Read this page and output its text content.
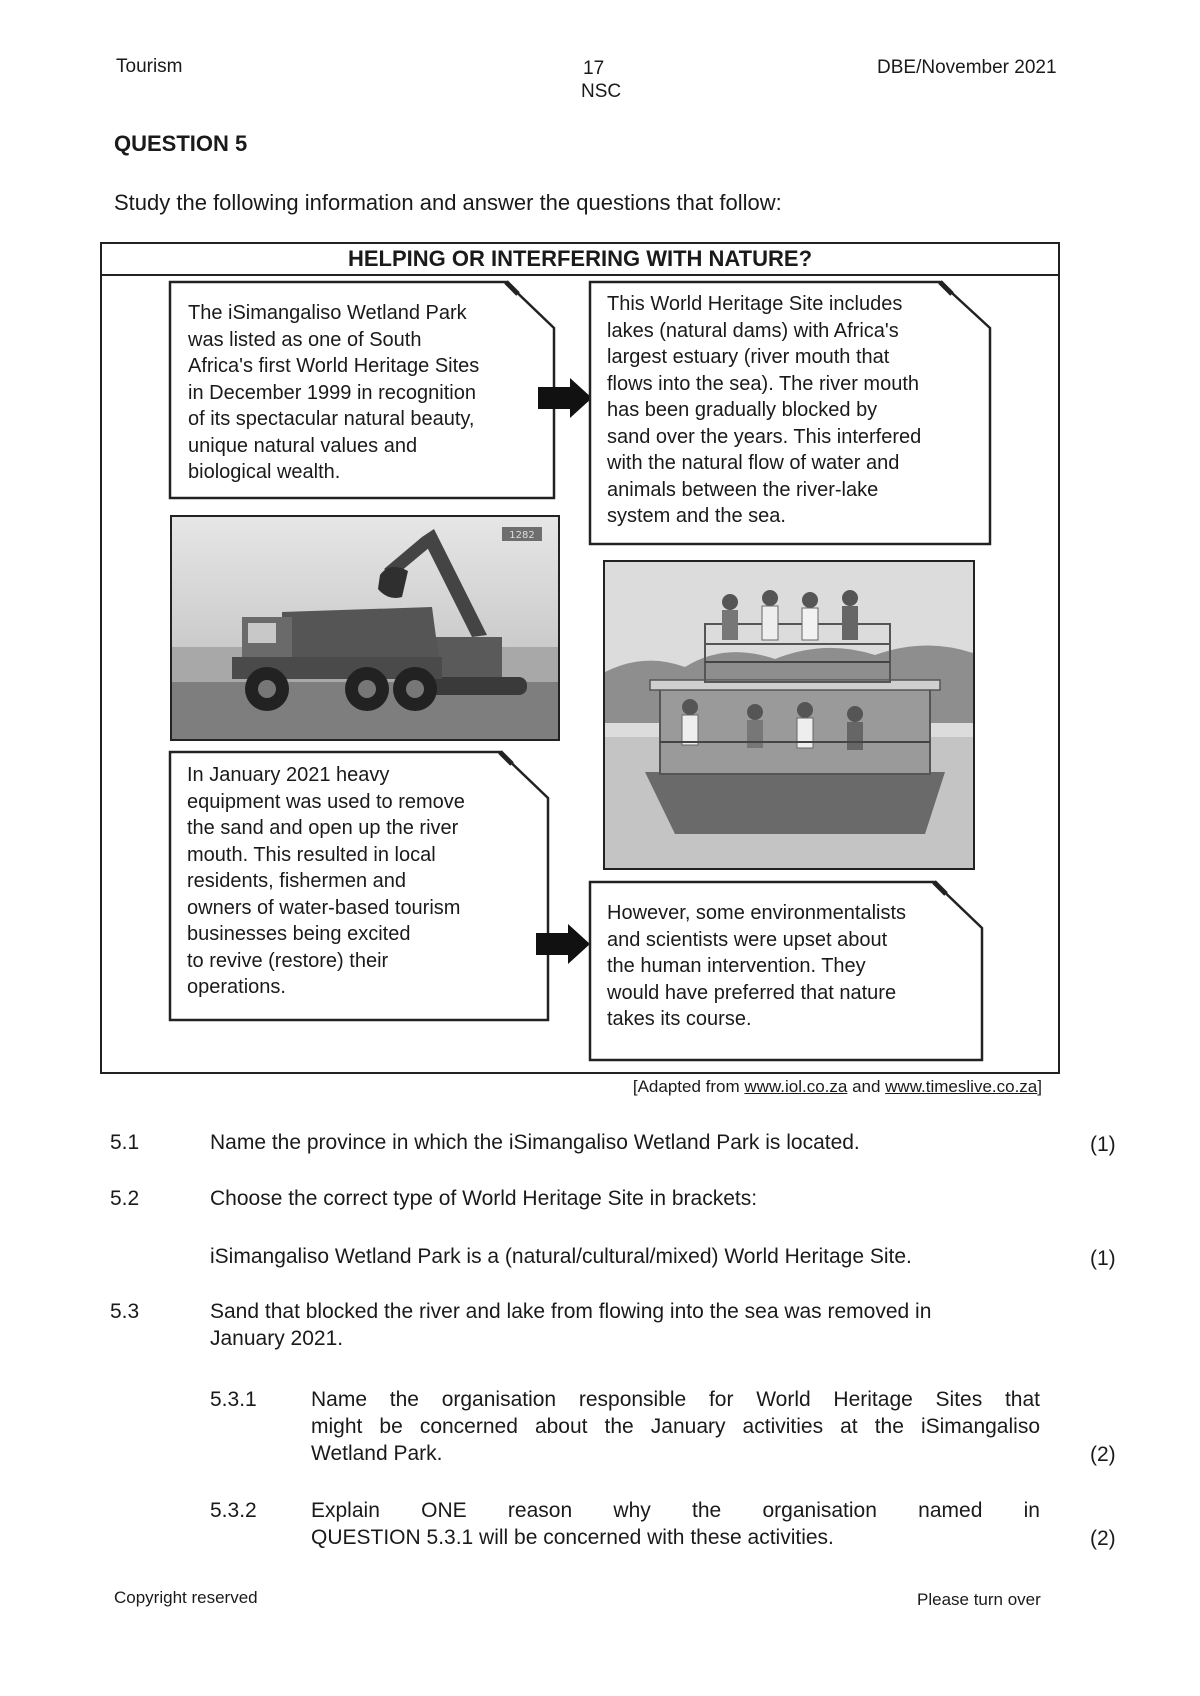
Tourism	17
NSC
DBE/November 2021
QUESTION 5
Study the following information and answer the questions that follow:
HELPING OR INTERFERING WITH NATURE?
The iSimangaliso Wetland Park
was listed as one of South
Africa's first World Heritage Sites
in December 1999 in recognition
of its spectacular natural beauty,
unique natural values and
biological wealth.
This World Heritage Site includes
lakes (natural dams) with Africa's
largest estuary (river mouth that
flows into the sea). The river mouth
has been gradually blocked by
sand over the years. This interfered
with the natural flow of water and
animals between the river-lake
system and the sea.
1282
In January 2021 heavy
equipment was used to remove
the sand and open up the river
mouth. This resulted in local
residents, fishermen and
owners of water-based tourism
businesses being excited
to revive (restore) their
operations.
However, some environmentalists
and scientists were upset about
the human intervention. They
would have preferred that nature
takes its course.
[Adapted from www.iol.co.za and www.timeslive.co.za]
5.1	Name the province in which the iSimangaliso Wetland Park is located.	(1)
5.2	Choose the correct type of World Heritage Site in brackets:
iSimangaliso Wetland Park is a (natural/cultural/mixed) World Heritage Site.	(1)
5.3	Sand that blocked the river and lake from flowing into the sea was removed in
January 2021.
5.3.1	Name the organisation responsible for World Heritage Sites that
might be concerned about the January activities at the iSimangaliso
Wetland Park.	(2)
5.3.2	Explain ONE reason why the organisation named in
QUESTION 5.3.1 will be concerned with these activities.	(2)
Copyright reserved	Please turn over
